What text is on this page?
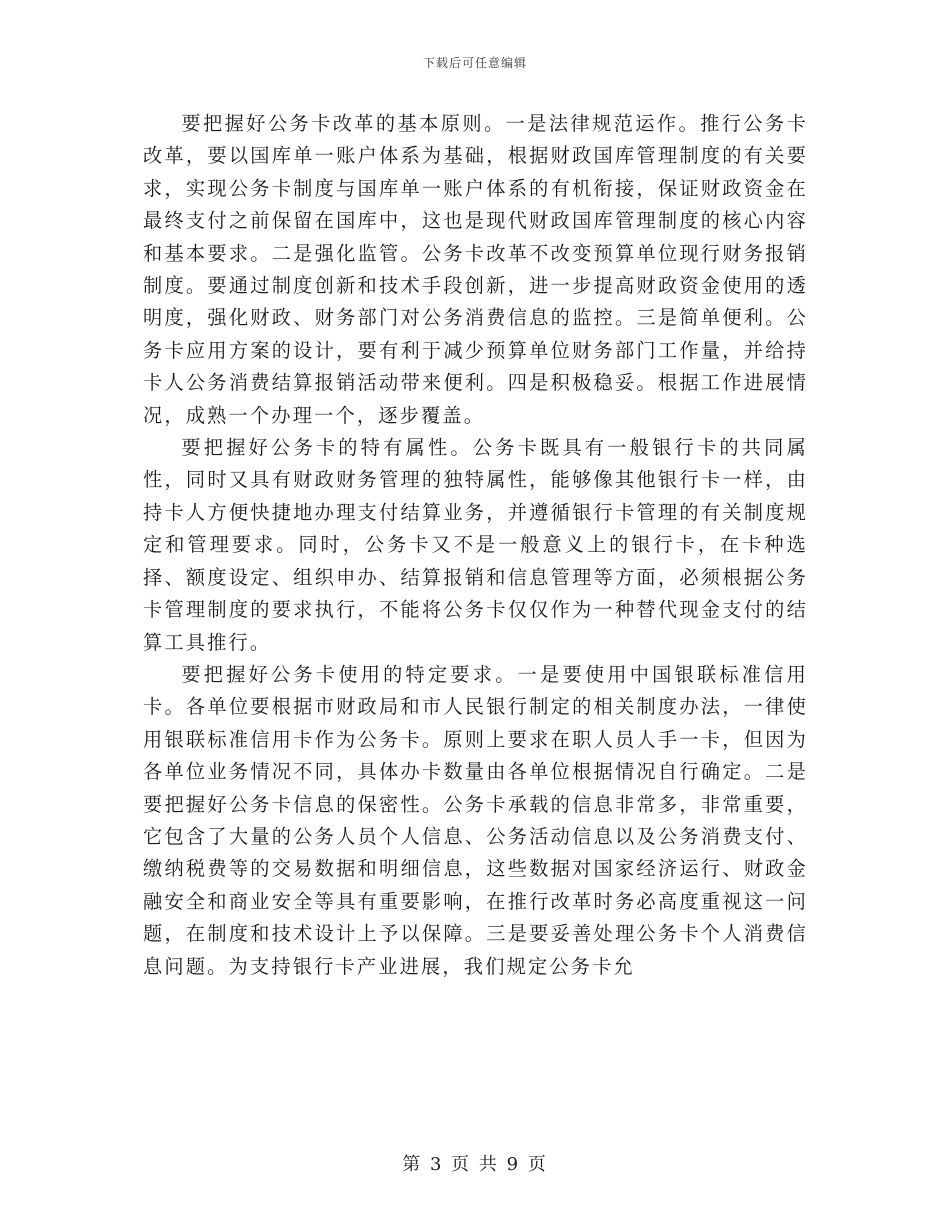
下载后可任意编辑

要把握好公务卡改革的基本原则。一是法律规范运作。推行公务卡改革，要以国库单一账户体系为基础，根据财政国库管理制度的有关要求，实现公务卡制度与国库单一账户体系的有机衔接，保证财政资金在最终支付之前保留在国库中，这也是现代财政国库管理制度的核心内容和基本要求。二是强化监管。公务卡改革不改变预算单位现行财务报销制度。要通过制度创新和技术手段创新，进一步提高财政资金使用的透明度，强化财政、财务部门对公务消费信息的监控。三是简单便利。公务卡应用方案的设计，要有利于减少预算单位财务部门工作量，并给持卡人公务消费结算报销活动带来便利。四是积极稳妥。根据工作进展情况，成熟一个办理一个，逐步覆盖。

要把握好公务卡的特有属性。公务卡既具有一般银行卡的共同属性，同时又具有财政财务管理的独特属性，能够像其他银行卡一样，由持卡人方便快捷地办理支付结算业务，并遵循银行卡管理的有关制度规定和管理要求。同时，公务卡又不是一般意义上的银行卡，在卡种选择、额度设定、组织申办、结算报销和信息管理等方面，必须根据公务卡管理制度的要求执行，不能将公务卡仅仅作为一种替代现金支付的结算工具推行。

要把握好公务卡使用的特定要求。一是要使用中国银联标准信用卡。各单位要根据市财政局和市人民银行制定的相关制度办法，一律使用银联标准信用卡作为公务卡。原则上要求在职人员人手一卡，但因为各单位业务情况不同，具体办卡数量由各单位根据情况自行确定。二是要把握好公务卡信息的保密性。公务卡承载的信息非常多，非常重要，它包含了大量的公务人员个人信息、公务活动信息以及公务消费支付、缴纳税费等的交易数据和明细信息，这些数据对国家经济运行、财政金融安全和商业安全等具有重要影响，在推行改革时务必高度重视这一问题，在制度和技术设计上予以保障。三是要妥善处理公务卡个人消费信息问题。为支持银行卡产业进展，我们规定公务卡允

第 3 页 共 9 页
